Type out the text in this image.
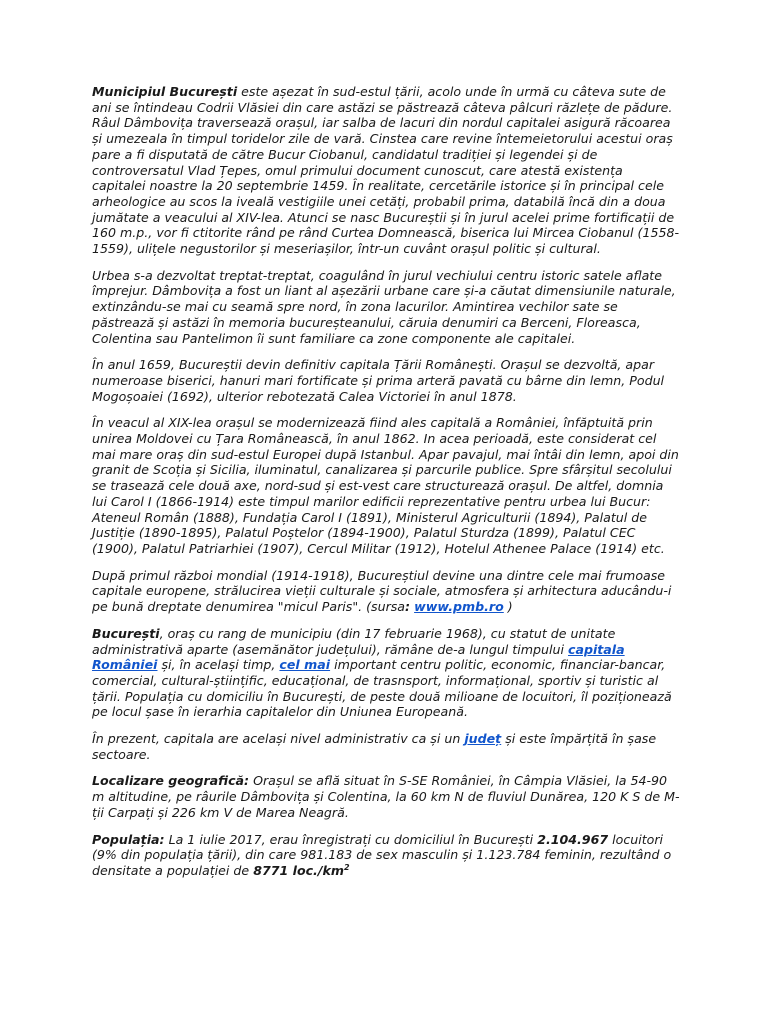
Municipiul București este așezat în sud-estul țării, acolo unde în urmă cu câteva sute de ani se întindeau Codrii Vlăsiei din care astăzi se păstrează câteva pâlcuri răzlețe de pădure. Râul Dâmbovița traversează orașul, iar salba de lacuri din nordul capitalei asigură răcoarea și umezeala în timpul toridelor zile de vară. Cinstea care revine întemeietorului acestui oraș pare a fi disputată de către Bucur Ciobanul, candidatul tradiției și legendei și de controversatul Vlad Țepes, omul primului document cunoscut, care atestă existența capitalei noastre la 20 septembrie 1459. În realitate, cercetările istorice și în principal cele arheologice au scos la iveală vestigiile unei cetăți, probabil prima, databilă încă din a doua jumătate a veacului al XIV-lea. Atunci se nasc Bucureștii și în jurul acelei prime fortificații de 160 m.p., vor fi ctitorite rând pe rând Curtea Domnească, biserica lui Mircea Ciobanul (1558-1559), ulițele negustorilor și meseriașilor, într-un cuvânt orașul politic și cultural.

Urbea s-a dezvoltat treptat-treptat, coagulând în jurul vechiului centru istoric satele aflate împrejur. Dâmbovița a fost un liant al așezării urbane care și-a căutat dimensiunile naturale, extinzându-se mai cu seamă spre nord, în zona lacurilor. Amintirea vechilor sate se păstrează și astăzi în memoria bucureșteanului, căruia denumiri ca Berceni, Floreasca, Colentina sau Pantelimon îi sunt familiare ca zone componente ale capitalei.

În anul 1659, Bucureștii devin definitiv capitala Țării Românești. Orașul se dezvoltă, apar numeroase biserici, hanuri mari fortificate și prima arteră pavată cu bârne din lemn, Podul Mogoșoaiei (1692), ulterior rebotezată Calea Victoriei în anul 1878.

În veacul al XIX-lea orașul se modernizează fiind ales capitală a României, înfăptuită prin unirea Moldovei cu Țara Românească, în anul 1862. In acea perioadă, este considerat cel mai mare oraș din sud-estul Europei după Istanbul. Apar pavajul, mai întâi din lemn, apoi din granit de Scoția și Sicilia, iluminatul, canalizarea și parcurile publice. Spre sfârșitul secolului se trasează cele două axe, nord-sud și est-vest care structurează orașul. De altfel, domnia lui Carol I (1866-1914) este timpul marilor edificii reprezentative pentru urbea lui Bucur: Ateneul Român (1888), Fundația Carol I (1891), Ministerul Agriculturii (1894), Palatul de Justiție (1890-1895), Palatul Poștelor (1894-1900), Palatul Sturdza (1899), Palatul CEC (1900), Palatul Patriarhiei (1907), Cercul Militar (1912), Hotelul Athenee Palace (1914) etc.

După primul război mondial (1914-1918), Bucureștiul devine una dintre cele mai frumoase capitale europene, strălucirea vieții culturale și sociale, atmosfera și arhitectura aducându-i pe bună dreptate denumirea "micul Paris". (sursa: www.pmb.ro )

București, oraș cu rang de municipiu (din 17 februarie 1968), cu statut de unitate administrativă aparte (asemănător județului), rămâne de-a lungul timpului capitala României și, în același timp, cel mai important centru politic, economic, financiar-bancar, comercial, cultural-științific, educațional, de trasnsport, informațional, sportiv și turistic al țării. Populația cu domiciliu în București, de peste două milioane de locuitori, îl poziționează pe locul șase în ierarhia capitalelor din Uniunea Europeană.

În prezent, capitala are același nivel administrativ ca și un județ și este împărțită în șase sectoare.

Localizare geografică: Orașul se află situat în S-SE României, în Câmpia Vlăsiei, la 54-90 m altitudine, pe râurile Dâmbovița și Colentina, la 60 km N de fluviul Dunărea, 120 K S de M-ții Carpați și 226 km V de Marea Neagră.

Populația: La 1 iulie 2017, erau înregistrați cu domiciliul în București 2.104.967 locuitori (9% din populația țării), din care 981.183 de sex masculin și 1.123.784 feminin, rezultând o densitate a populației de 8771 $loc./km^2$
